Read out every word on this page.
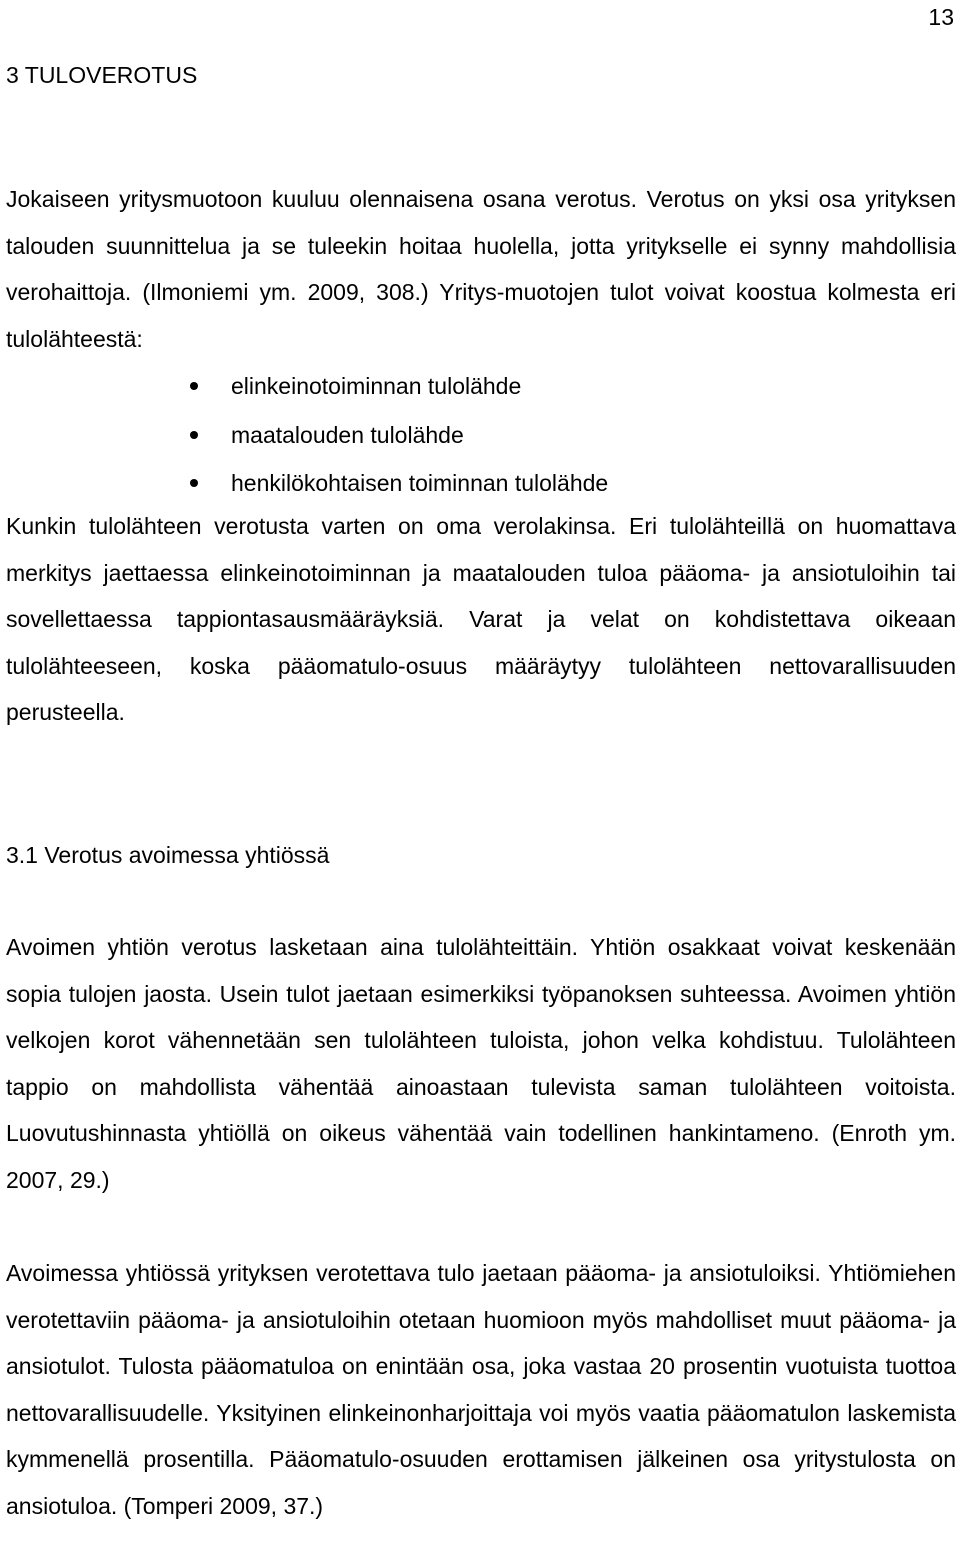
13
3 TULOVEROTUS

Jokaiseen yritysmuotoon kuuluu olennaisena osana verotus. Verotus on yksi osa yrityksen talouden suunnittelua ja se tuleekin hoitaa huolella, jotta yritykselle ei synny mahdollisia verohaittoja. (Ilmoniemi ym. 2009, 308.) Yritys-muotojen tulot voivat koostua kolmesta eri tulolähteestä:

elinkeinotoiminnan tulolähde
maatalouden tulolähde
henkilökohtaisen toiminnan tulolähde

Kunkin tulolähteen verotusta varten on oma verolakinsa. Eri tulolähteillä on huomattava merkitys jaettaessa elinkeinotoiminnan ja maatalouden tuloa pääoma- ja ansiotuloihin tai sovellettaessa tappiontasausmääräyksiä. Varat ja velat on kohdistettava oikeaan tulolähteeseen, koska pääomatulo-osuus määräytyy tulolähteen nettovarallisuuden perusteella.

3.1 Verotus avoimessa yhtiössä

Avoimen yhtiön verotus lasketaan aina tulolähteittäin. Yhtiön osakkaat voivat keskenään sopia tulojen jaosta. Usein tulot jaetaan esimerkiksi työpanoksen suhteessa. Avoimen yhtiön velkojen korot vähennetään sen tulolähteen tuloista, johon velka kohdistuu. Tulolähteen tappio on mahdollista vähentää ainoastaan tulevista saman tulolähteen voitoista. Luovutushinnasta yhtiöllä on oikeus vähentää vain todellinen hankintameno. (Enroth ym. 2007, 29.)

Avoimessa yhtiössä yrityksen verotettava tulo jaetaan pääoma- ja ansiotuloiksi. Yhtiömiehen verotettaviin pääoma- ja ansiotuloihin otetaan huomioon myös mahdolliset muut pääoma- ja ansiotulot. Tulosta pääomatuloa on enintään osa, joka vastaa 20 prosentin vuotuista tuottoa nettovarallisuudelle. Yksityinen elinkeinonharjoittaja voi myös vaatia pääomatulon laskemista kymmenellä prosentilla. Pääomatulo-osuuden erottamisen jälkeinen osa yritystulosta on ansiotuloa. (Tomperi 2009, 37.)
